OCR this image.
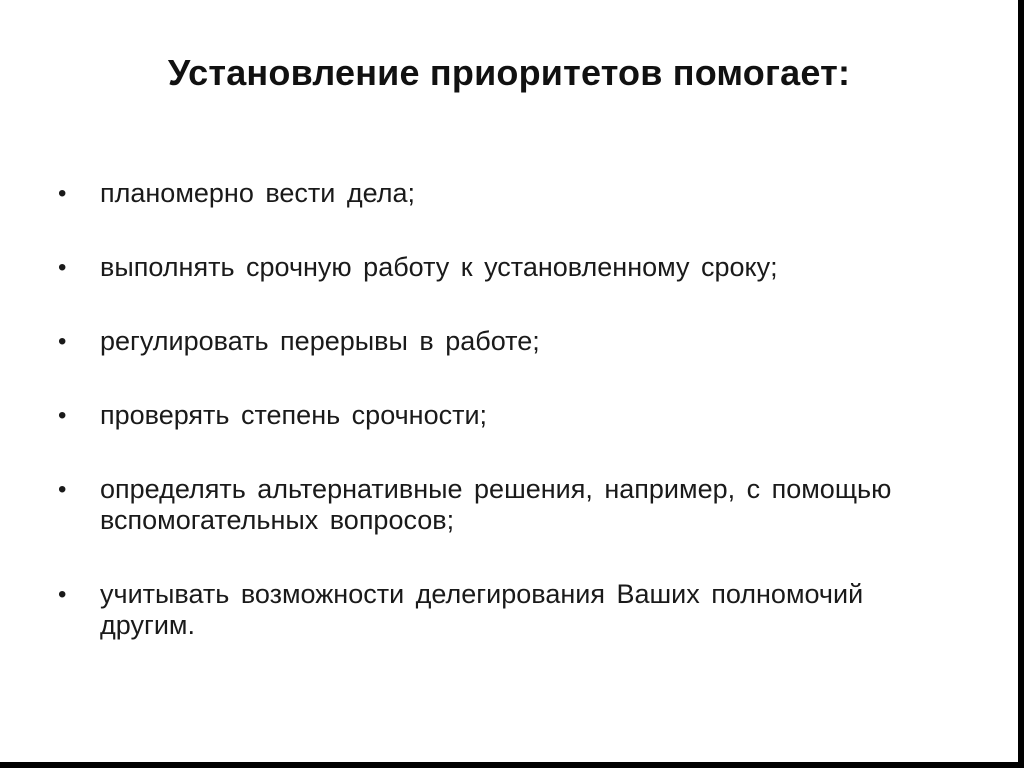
Установление приоритетов помогает:
• планомерно вести дела;
• выполнять срочную работу к установленному сроку;
• регулировать перерывы в работе;
• проверять степень срочности;
• определять альтернативные решения, например, с помощью вспомогательных вопросов;
• учитывать возможности делегирования Ваших полномочий другим.
